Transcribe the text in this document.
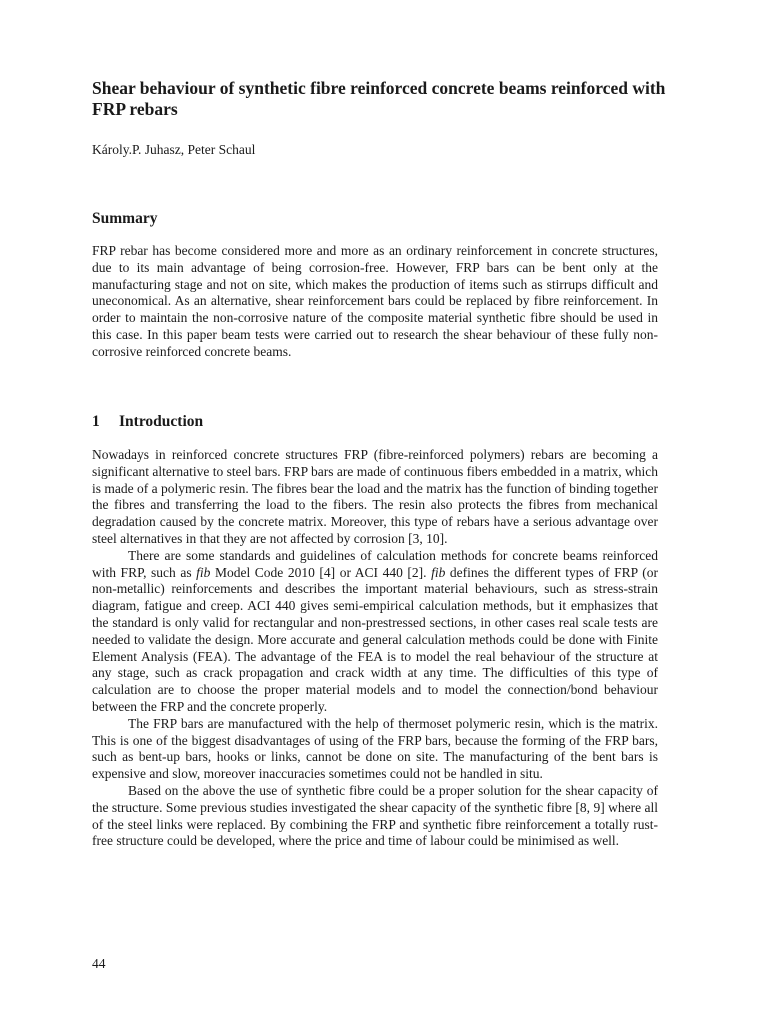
Shear behaviour of synthetic fibre reinforced concrete beams reinforced with FRP rebars

Károly.P. Juhasz, Peter Schaul

Summary

FRP rebar has become considered more and more as an ordinary reinforcement in concrete structures, due to its main advantage of being corrosion-free. However, FRP bars can be bent only at the manufacturing stage and not on site, which makes the production of items such as stirrups difficult and uneconomical. As an alternative, shear reinforcement bars could be replaced by fibre reinforcement. In order to maintain the non-corrosive nature of the composite material synthetic fibre should be used in this case. In this paper beam tests were carried out to research the shear behaviour of these fully non-corrosive reinforced concrete beams.

1 Introduction

Nowadays in reinforced concrete structures FRP (fibre-reinforced polymers) rebars are becoming a significant alternative to steel bars. FRP bars are made of continuous fibers embedded in a matrix, which is made of a polymeric resin. The fibres bear the load and the matrix has the function of binding together the fibres and transferring the load to the fibers. The resin also protects the fibres from mechanical degradation caused by the concrete matrix. Moreover, this type of rebars have a serious advantage over steel alternatives in that they are not affected by corrosion [3, 10].

There are some standards and guidelines of calculation methods for concrete beams reinforced with FRP, such as fib Model Code 2010 [4] or ACI 440 [2]. fib defines the different types of FRP (or non-metallic) reinforcements and describes the important material behaviours, such as stress-strain diagram, fatigue and creep. ACI 440 gives semi-empirical calculation methods, but it emphasizes that the standard is only valid for rectangular and non-prestressed sections, in other cases real scale tests are needed to validate the design. More accurate and general calculation methods could be done with Finite Element Analysis (FEA). The advantage of the FEA is to model the real behaviour of the structure at any stage, such as crack propagation and crack width at any time. The difficulties of this type of calculation are to choose the proper material models and to model the connection/bond behaviour between the FRP and the concrete properly.

The FRP bars are manufactured with the help of thermoset polymeric resin, which is the matrix. This is one of the biggest disadvantages of using of the FRP bars, because the forming of the FRP bars, such as bent-up bars, hooks or links, cannot be done on site. The manufacturing of the bent bars is expensive and slow, moreover inaccuracies sometimes could not be handled in situ.

Based on the above the use of synthetic fibre could be a proper solution for the shear capacity of the structure. Some previous studies investigated the shear capacity of the synthetic fibre [8, 9] where all of the steel links were replaced. By combining the FRP and synthetic fibre reinforcement a totally rust-free structure could be developed, where the price and time of labour could be minimised as well.

44
